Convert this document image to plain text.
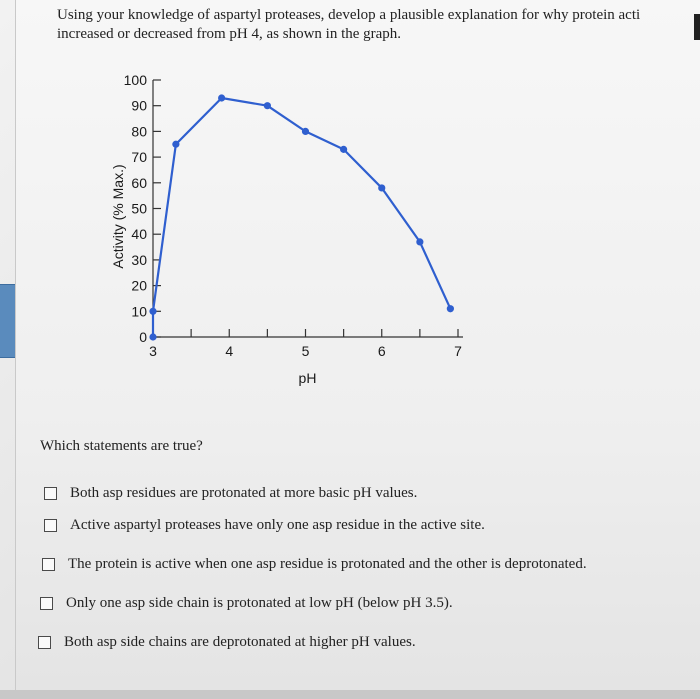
Using your knowledge of aspartyl proteases, develop a plausible explanation for why protein acti
increased or decreased from pH 4, as shown in the graph.
0
10
20
30
40
50
60
70
80
90
100
3	4	5	6	7
pH
Activity (% Max.)
Which statements are true?
Both asp residues are protonated at more basic pH values.
Active aspartyl proteases have only one asp residue in the active site.
The protein is active when one asp residue is protonated and the other is deprotonated.
Only one asp side chain is protonated at low pH (below pH 3.5).
Both asp side chains are deprotonated at higher pH values.
